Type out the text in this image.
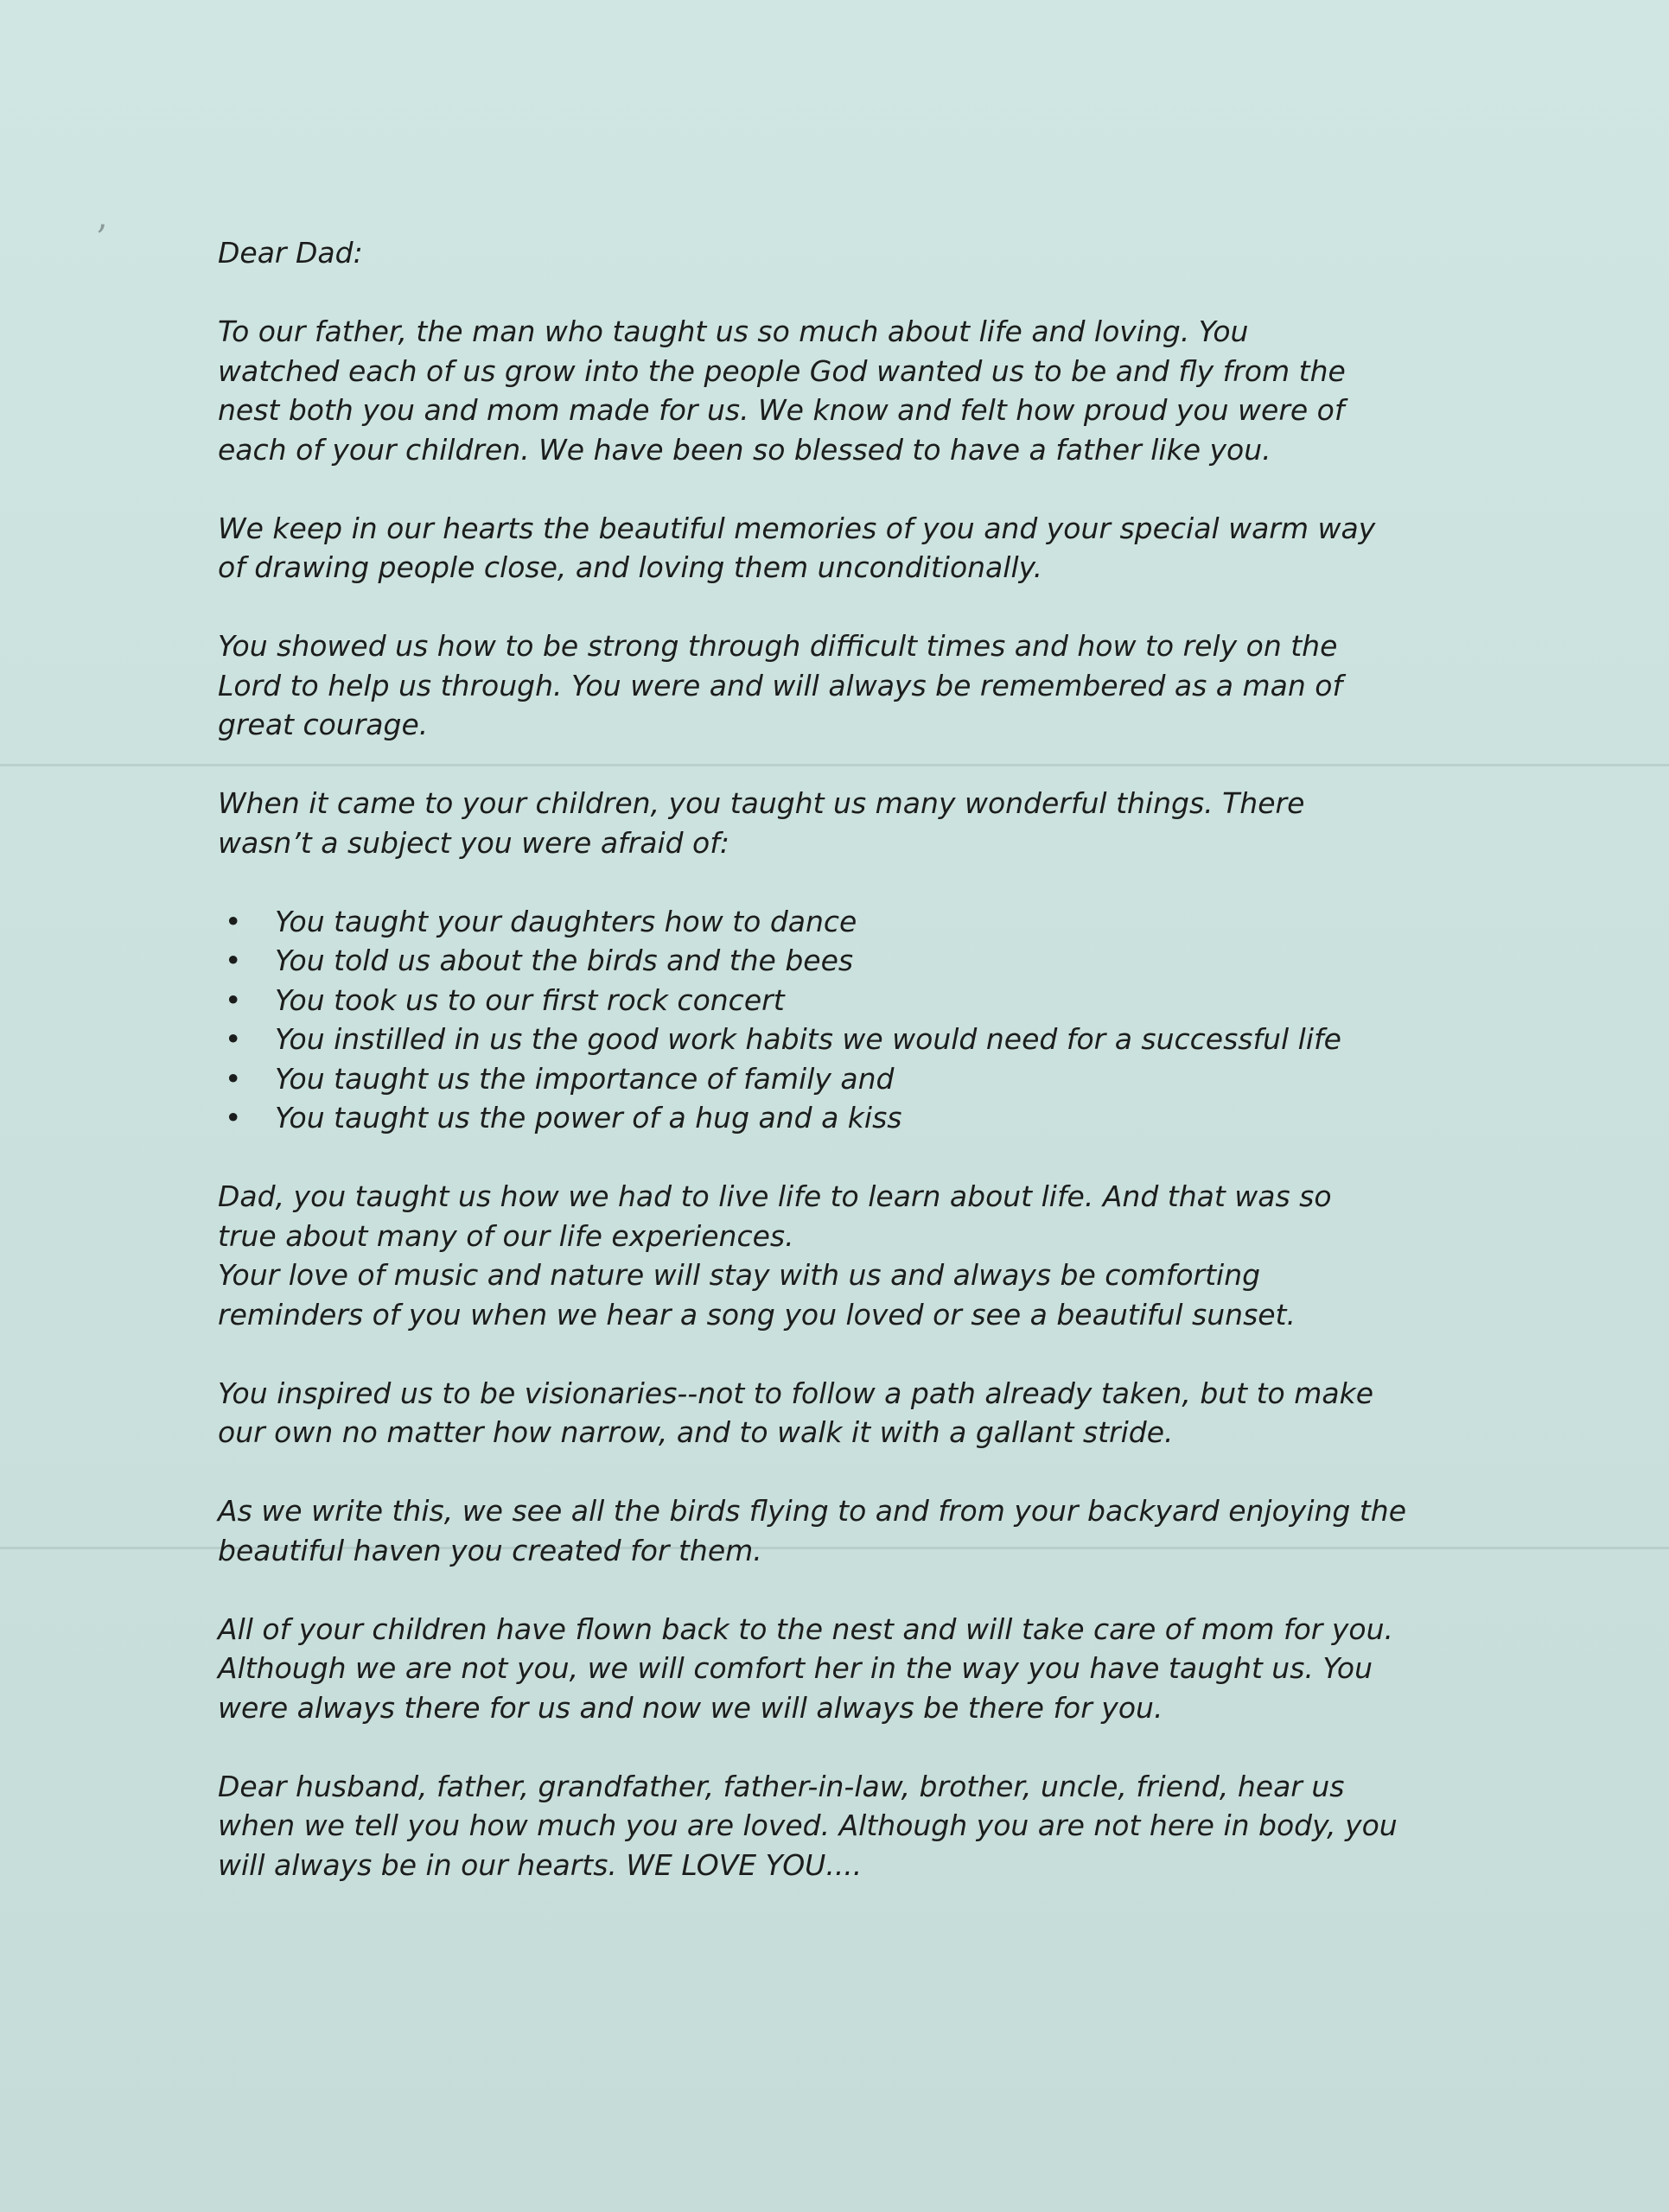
,

Dear Dad:

To our father, the man who taught us so much about life and loving. You
watched each of us grow into the people God wanted us to be and fly from the
nest both you and mom made for us. We know and felt how proud you were of
each of your children. We have been so blessed to have a father like you.

We keep in our hearts the beautiful memories of you and your special warm way
of drawing people close, and loving them unconditionally.

You showed us how to be strong through difficult times and how to rely on the
Lord to help us through. You were and will always be remembered as a man of
great courage.

When it came to your children, you taught us many wonderful things. There
wasn’t a subject you were afraid of:

• You taught your daughters how to dance
• You told us about the birds and the bees
• You took us to our first rock concert
• You instilled in us the good work habits we would need for a successful life
• You taught us the importance of family and
• You taught us the power of a hug and a kiss

Dad, you taught us how we had to live life to learn about life. And that was so
true about many of our life experiences.
Your love of music and nature will stay with us and always be comforting
reminders of you when we hear a song you loved or see a beautiful sunset.

You inspired us to be visionaries--not to follow a path already taken, but to make
our own no matter how narrow, and to walk it with a gallant stride.

As we write this, we see all the birds flying to and from your backyard enjoying the
beautiful haven you created for them.

All of your children have flown back to the nest and will take care of mom for you.
Although we are not you, we will comfort her in the way you have taught us. You
were always there for us and now we will always be there for you.

Dear husband, father, grandfather, father-in-law, brother, uncle, friend, hear us
when we tell you how much you are loved. Although you are not here in body, you
will always be in our hearts. WE LOVE YOU....
